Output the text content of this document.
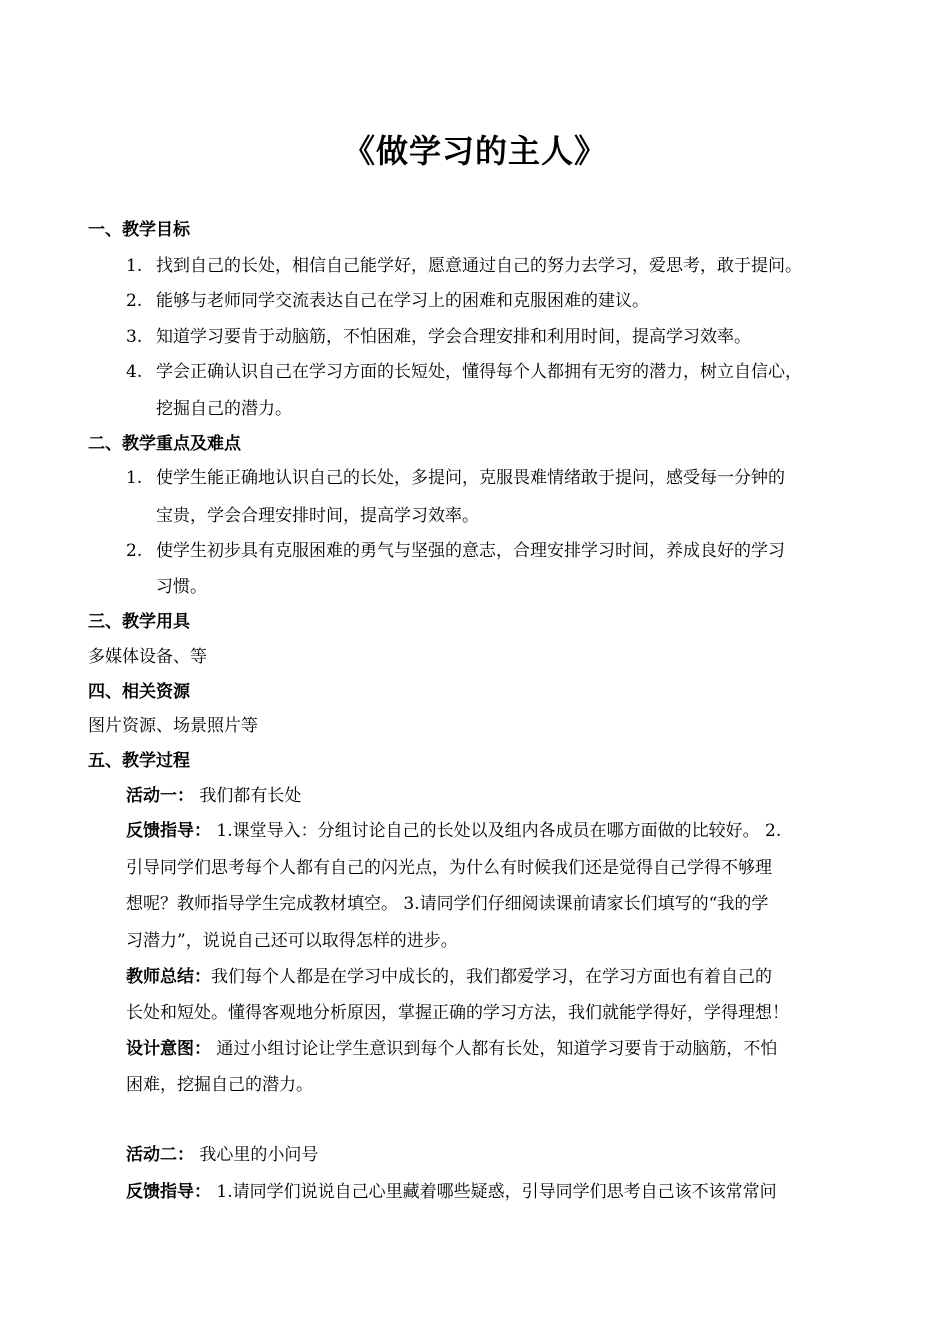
《做学习的主人》
一、教学目标
1. 找到自己的长处，相信自己能学好，愿意通过自己的努力去学习，爱思考，敢于提问。
2. 能够与老师同学交流表达自己在学习上的困难和克服困难的建议。
3. 知道学习要肯于动脑筋，不怕困难，学会合理安排和利用时间，提高学习效率。
4. 学会正确认识自己在学习方面的长短处，懂得每个人都拥有无穷的潜力，树立自信心，
挖掘自己的潜力。
二、教学重点及难点
1. 使学生能正确地认识自己的长处，多提问，克服畏难情绪敢于提问，感受每一分钟的
宝贵，学会合理安排时间，提高学习效率。
2. 使学生初步具有克服困难的勇气与坚强的意志，合理安排学习时间，养成良好的学习
习惯。
三、教学用具
多媒体设备、等
四、相关资源
图片资源、场景照片等
五、教学过程
活动一： 我们都有长处
反馈指导： 1.课堂导入：分组讨论自己的长处以及组内各成员在哪方面做的比较好。 2.
引导同学们思考每个人都有自己的闪光点，为什么有时候我们还是觉得自己学得不够理
想呢？教师指导学生完成教材填空。 3.请同学们仔细阅读课前请家长们填写的“我的学
习潜力”，说说自己还可以取得怎样的进步。
教师总结：我们每个人都是在学习中成长的，我们都爱学习，在学习方面也有着自己的
长处和短处。懂得客观地分析原因，掌握正确的学习方法，我们就能学得好，学得理想！
设计意图： 通过小组讨论让学生意识到每个人都有长处，知道学习要肯于动脑筋，不怕
困难，挖掘自己的潜力。
活动二： 我心里的小问号
反馈指导： 1.请同学们说说自己心里藏着哪些疑惑，引导同学们思考自己该不该常常问
